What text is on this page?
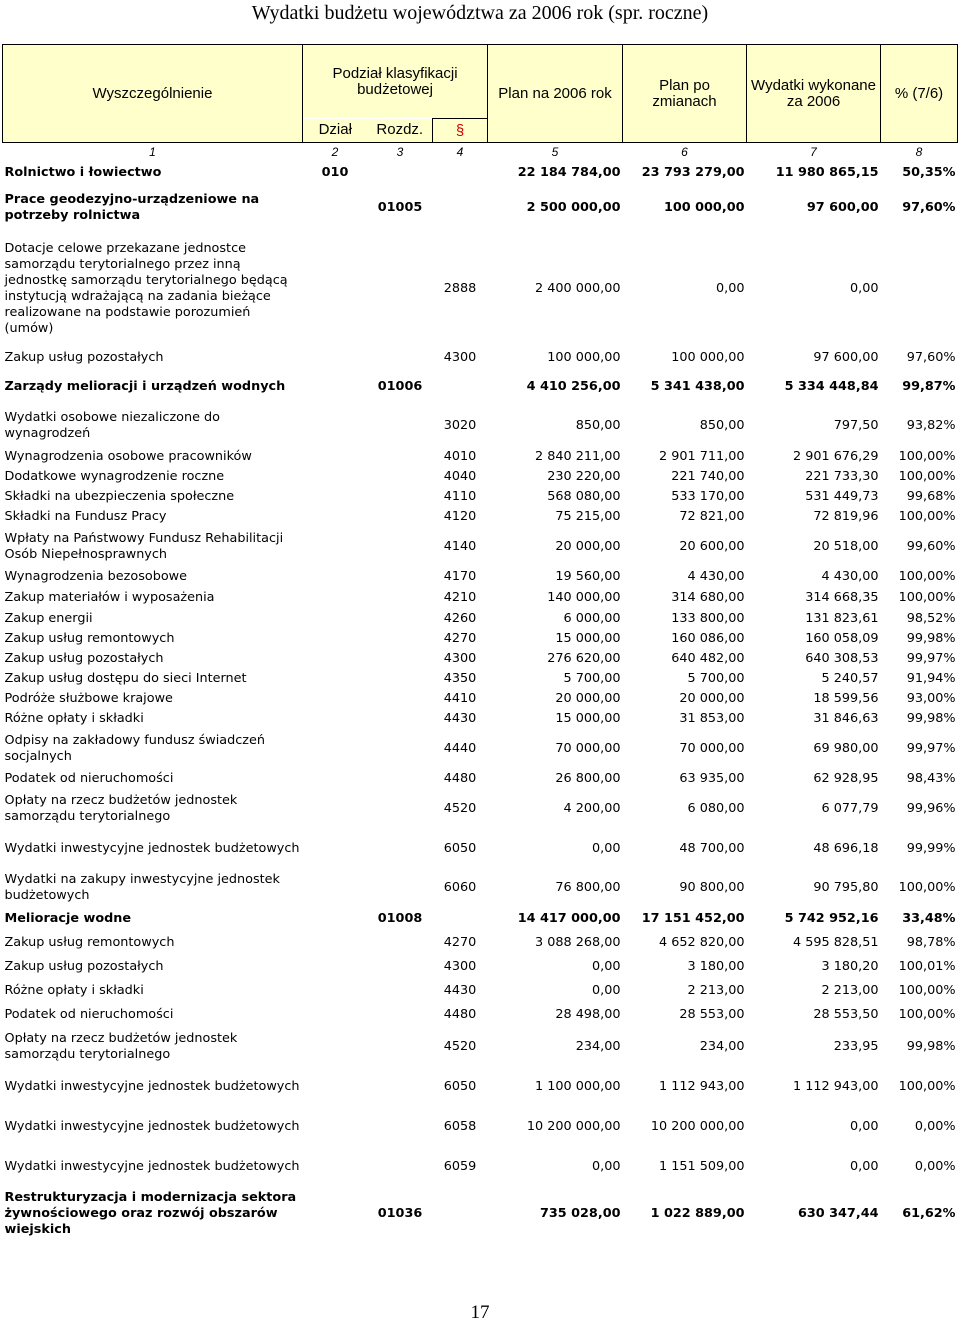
Wydatki budżetu województwa za 2006 rok (spr. roczne)
Wyszczególnienie	Podział klasyfikacji budżetowej			Plan na 2006 rok	Plan po zmianach	Wydatki wykonane za 2006	% (7/6)
	Dział	Rozdz.	§				
1	2	3	4	5	6	7	8
Rolnictwo i łowiectwo	010			22 184 784,00	23 793 279,00	11 980 865,15	50,35%
Prace geodezyjno-urządzeniowe na potrzeby rolnictwa		01005		2 500 000,00	100 000,00	97 600,00	97,60%
Dotacje celowe przekazane jednostce samorządu terytorialnego przez inną jednostkę samorządu terytorialnego będącą instytucją wdrażającą na zadania bieżące realizowane na podstawie porozumień (umów)			2888	2 400 000,00	0,00	0,00	
Zakup usług pozostałych			4300	100 000,00	100 000,00	97 600,00	97,60%
Zarządy melioracji i urządzeń wodnych		01006		4 410 256,00	5 341 438,00	5 334 448,84	99,87%
Wydatki osobowe niezaliczone do wynagrodzeń			3020	850,00	850,00	797,50	93,82%
Wynagrodzenia osobowe pracowników			4010	2 840 211,00	2 901 711,00	2 901 676,29	100,00%
Dodatkowe wynagrodzenie roczne			4040	230 220,00	221 740,00	221 733,30	100,00%
Składki na ubezpieczenia społeczne			4110	568 080,00	533 170,00	531 449,73	99,68%
Składki na Fundusz Pracy			4120	75 215,00	72 821,00	72 819,96	100,00%
Wpłaty na Państwowy Fundusz Rehabilitacji Osób Niepełnosprawnych			4140	20 000,00	20 600,00	20 518,00	99,60%
Wynagrodzenia bezosobowe			4170	19 560,00	4 430,00	4 430,00	100,00%
Zakup materiałów i wyposażenia			4210	140 000,00	314 680,00	314 668,35	100,00%
Zakup energii			4260	6 000,00	133 800,00	131 823,61	98,52%
Zakup usług remontowych			4270	15 000,00	160 086,00	160 058,09	99,98%
Zakup usług pozostałych			4300	276 620,00	640 482,00	640 308,53	99,97%
Zakup usług dostępu do sieci Internet			4350	5 700,00	5 700,00	5 240,57	91,94%
Podróże służbowe krajowe			4410	20 000,00	20 000,00	18 599,56	93,00%
Różne opłaty i składki			4430	15 000,00	31 853,00	31 846,63	99,98%
Odpisy na zakładowy fundusz świadczeń socjalnych			4440	70 000,00	70 000,00	69 980,00	99,97%
Podatek od nieruchomości			4480	26 800,00	63 935,00	62 928,95	98,43%
Opłaty na rzecz budżetów jednostek samorządu terytorialnego			4520	4 200,00	6 080,00	6 077,79	99,96%
Wydatki inwestycyjne jednostek budżetowych			6050	0,00	48 700,00	48 696,18	99,99%
Wydatki na zakupy inwestycyjne jednostek budżetowych			6060	76 800,00	90 800,00	90 795,80	100,00%
Melioracje wodne		01008		14 417 000,00	17 151 452,00	5 742 952,16	33,48%
Zakup usług remontowych			4270	3 088 268,00	4 652 820,00	4 595 828,51	98,78%
Zakup usług pozostałych			4300	0,00	3 180,00	3 180,20	100,01%
Różne opłaty i składki			4430	0,00	2 213,00	2 213,00	100,00%
Podatek od nieruchomości			4480	28 498,00	28 553,00	28 553,50	100,00%
Opłaty na rzecz budżetów jednostek samorządu terytorialnego			4520	234,00	234,00	233,95	99,98%
Wydatki inwestycyjne jednostek budżetowych			6050	1 100 000,00	1 112 943,00	1 112 943,00	100,00%
Wydatki inwestycyjne jednostek budżetowych			6058	10 200 000,00	10 200 000,00	0,00	0,00%
Wydatki inwestycyjne jednostek budżetowych			6059	0,00	1 151 509,00	0,00	0,00%
Restrukturyzacja i modernizacja sektora żywnościowego oraz rozwój obszarów wiejskich		01036		735 028,00	1 022 889,00	630 347,44	61,62%
17
